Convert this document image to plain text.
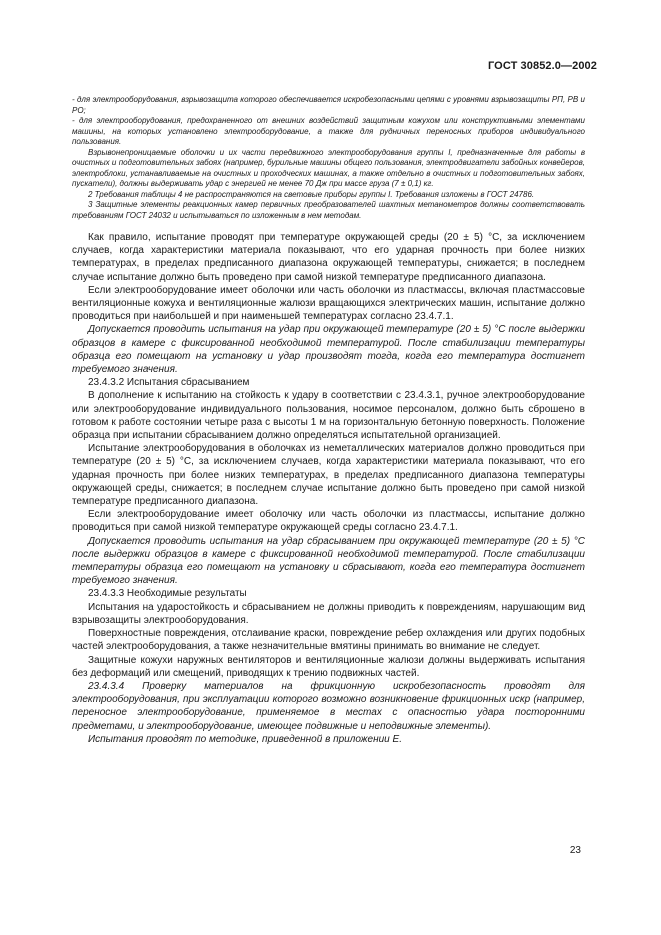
ГОСТ 30852.0—2002

- для электрооборудования, взрывозащита которого обеспечивается искробезопасными цепями с уровнями взрывозащиты РП, РВ и РО;

- для электрооборудования, предохраненного от внешних воздействий защитным кожухом или конструктивными элементами машины, на которых установлено электрооборудование, а также для рудничных переносных приборов индивидуального пользования.

Взрывонепроницаемые оболочки и их части передвижного электрооборудования группы I, предназначенные для работы в очистных и подготовительных забоях (например, бурильные машины общего пользования, электродвигатели забойных конвейеров, электроблоки, устанавливаемые на очистных и проходческих машинах, а также отдельно в очистных и подготовительных забоях, пускатели), должны выдерживать удар с энергией не менее 70 Дж при массе груза (7 ± 0,1) кг.

2 Требования таблицы 4 не распространяются на световые приборы группы I. Требования изложены в ГОСТ 24786.

3 Защитные элементы реакционных камер первичных преобразователей шахтных метанометров должны соответствовать требованиям ГОСТ 24032 и испытываться по изложенным в нем методам.

Как правило, испытание проводят при температуре окружающей среды (20 ± 5) °С, за исключением случаев, когда характеристики материала показывают, что его ударная прочность при более низких температурах, в пределах предписанного диапазона окружающей температуры, снижается; в последнем случае испытание должно быть проведено при самой низкой температуре предписанного диапазона.

Если электрооборудование имеет оболочки или часть оболочки из пластмассы, включая пластмассовые вентиляционные кожуха и вентиляционные жалюзи вращающихся электрических машин, испытание должно проводиться при наибольшей и при наименьшей температурах согласно 23.4.7.1.

Допускается проводить испытания на удар при окружающей температуре (20 ± 5) °С после выдержки образцов в камере с фиксированной необходимой температурой. После стабилизации температуры образца его помещают на установку и удар производят тогда, когда его температура достигнет требуемого значения.

23.4.3.2 Испытания сбрасыванием

В дополнение к испытанию на стойкость к удару в соответствии с 23.4.3.1, ручное электрооборудование или электрооборудование индивидуального пользования, носимое персоналом, должно быть сброшено в готовом к работе состоянии четыре раза с высоты 1 м на горизонтальную бетонную поверхность. Положение образца при испытании сбрасыванием должно определяться испытательной организацией.

Испытание электрооборудования в оболочках из неметаллических материалов должно проводиться при температуре (20 ± 5) °С, за исключением случаев, когда характеристики материала показывают, что его ударная прочность при более низких температурах, в пределах предписанного диапазона температуры окружающей среды, снижается; в последнем случае испытание должно быть проведено при самой низкой температуре предписанного диапазона.

Если электрооборудование имеет оболочку или часть оболочки из пластмассы, испытание должно проводиться при самой низкой температуре окружающей среды согласно 23.4.7.1.

Допускается проводить испытания на удар сбрасыванием при окружающей температуре (20 ± 5) °С после выдержки образцов в камере с фиксированной необходимой температурой. После стабилизации температуры образца его помещают на установку и сбрасывают, когда его температура достигнет требуемого значения.

23.4.3.3 Необходимые результаты

Испытания на ударостойкость и сбрасыванием не должны приводить к повреждениям, нарушающим вид взрывозащиты электрооборудования.

Поверхностные повреждения, отслаивание краски, повреждение ребер охлаждения или других подобных частей электрооборудования, а также незначительные вмятины принимать во внимание не следует.

Защитные кожухи наружных вентиляторов и вентиляционные жалюзи должны выдерживать испытания без деформаций или смещений, приводящих к трению подвижных частей.

23.4.3.4 Проверку материалов на фрикционную искробезопасность проводят для электрооборудования, при эксплуатации которого возможно возникновение фрикционных искр (например, переносное электрооборудование, применяемое в местах с опасностью удара посторонними предметами, и электрооборудование, имеющее подвижные и неподвижные элементы).

Испытания проводят по методике, приведенной в приложении Е.

23
